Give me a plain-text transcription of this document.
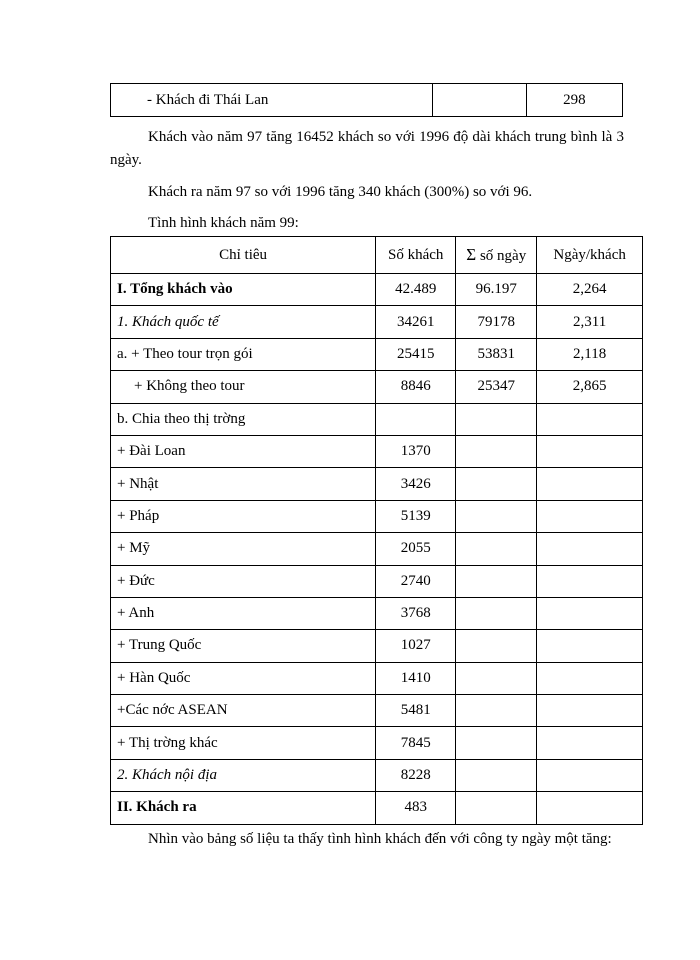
- Khách đi Thái Lan		298

Khách vào năm 97 tăng 16452 khách so với 1996 độ dài khách trung bình là 3 ngày.

Khách ra năm 97 so với 1996 tăng 340 khách (300%) so với 96.

Tình hình khách năm 99:

Chỉ tiêu	Số khách	Σ số ngày	Ngày/khách
I. Tổng khách vào	42.489	96.197	2,264
1. Khách quốc tế	34261	79178	2,311
a. + Theo tour trọn gói	25415	53831	2,118
+ Không theo tour	8846	25347	2,865
b. Chia theo thị trờng			
+ Đài Loan	1370		
+ Nhật	3426		
+ Pháp	5139		
+ Mỹ	2055		
+ Đức	2740		
+ Anh	3768		
+ Trung Quốc	1027		
+ Hàn Quốc	1410		
+Các nớc ASEAN	5481		
+ Thị trờng khác	7845		
2. Khách nội địa	8228		
II. Khách ra	483		

Nhìn vào bảng số liệu ta thấy tình hình khách đến với công ty ngày một tăng:
